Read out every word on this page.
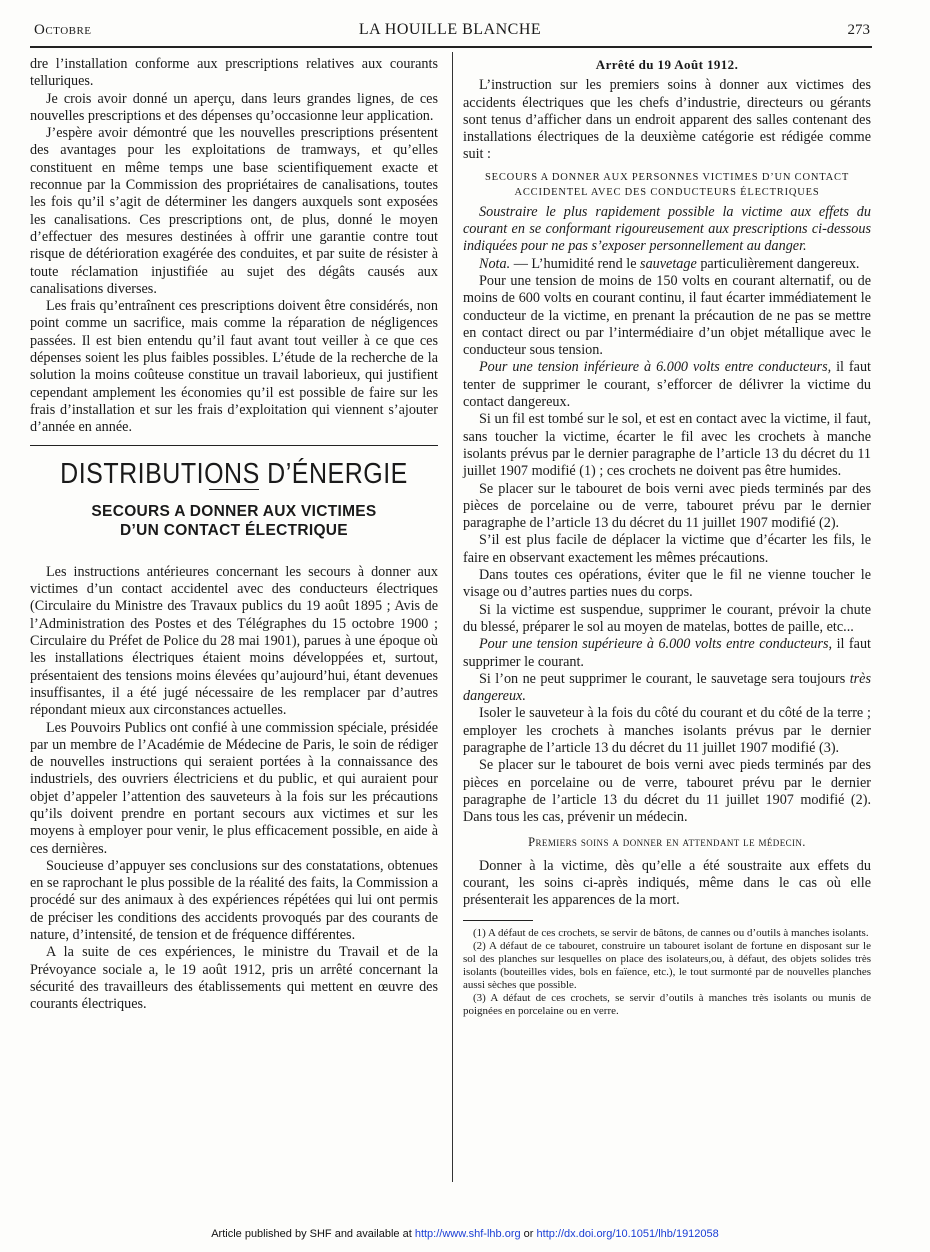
Octobre	LA HOUILLE BLANCHE	273

dre l’installation conforme aux prescriptions relatives aux courants telluriques.

Je crois avoir donné un aperçu, dans leurs grandes lignes, de ces nouvelles prescriptions et des dépenses qu’occasionne leur application.

J’espère avoir démontré que les nouvelles prescriptions présentent des avantages pour les exploitations de tramways, et qu’elles constituent en même temps une base scientifiquement exacte et reconnue par la Commission des propriétaires de canalisations, toutes les fois qu’il s’agit de déterminer les dangers auxquels sont exposées les canalisations. Ces prescriptions ont, de plus, donné le moyen d’effectuer des mesures destinées à offrir une garantie contre tout risque de détérioration exagérée des conduites, et par suite de résister à toute réclamation injustifiée au sujet des dégâts causés aux canalisations diverses.

Les frais qu’entraînent ces prescriptions doivent être considérés, non point comme un sacrifice, mais comme la réparation de négligences passées. Il est bien entendu qu’il faut avant tout veiller à ce que ces dépenses soient les plus faibles possibles. L’étude de la recherche de la solution la moins coûteuse constitue un travail laborieux, qui justifient cependant amplement les économies qu’il est possible de faire sur les frais d’installation et sur les frais d’exploitation qui viennent s’ajouter d’année en année.

DISTRIBUTIONS D’ÉNERGIE
SECOURS A DONNER AUX VICTIMES
D’UN CONTACT ÉLECTRIQUE

Les instructions antérieures concernant les secours à donner aux victimes d’un contact accidentel avec des conducteurs électriques (Circulaire du Ministre des Travaux publics du 19 août 1895 ; Avis de l’Administration des Postes et des Télégraphes du 15 octobre 1900 ; Circulaire du Préfet de Police du 28 mai 1901), parues à une époque où les installations électriques étaient moins développées et, surtout, présentaient des tensions moins élevées qu’aujourd’hui, étant devenues insuffisantes, il a été jugé nécessaire de les remplacer par d’autres répondant mieux aux circonstances actuelles.

Les Pouvoirs Publics ont confié à une commission spéciale, présidée par un membre de l’Académie de Médecine de Paris, le soin de rédiger de nouvelles instructions qui seraient portées à la connaissance des industriels, des ouvriers électriciens et du public, et qui auraient pour objet d’appeler l’attention des sauveteurs à la fois sur les précautions qu’ils doivent prendre en portant secours aux victimes et sur les moyens à employer pour venir, le plus efficacement possible, en aide à ces dernières.

Soucieuse d’appuyer ses conclusions sur des constatations, obtenues en se raprochant le plus possible de la réalité des faits, la Commission a procédé sur des animaux à des expériences répétées qui lui ont permis de préciser les conditions des accidents provoqués par des courants de nature, d’intensité, de tension et de fréquence différentes.

A la suite de ces expériences, le ministre du Travail et de la Prévoyance sociale a, le 19 août 1912, pris un arrêté concernant la sécurité des travailleurs des établissements qui mettent en œuvre des courants électriques.

Arrêté du 19 Août 1912.

L’instruction sur les premiers soins à donner aux victimes des accidents électriques que les chefs d’industrie, directeurs ou gérants sont tenus d’afficher dans un endroit apparent des salles contenant des installations électriques de la deuxième catégorie est rédigée comme suit :

SECOURS A DONNER AUX PERSONNES VICTIMES D’UN CONTACT
ACCIDENTEL AVEC DES CONDUCTEURS ÉLECTRIQUES

Soustraire le plus rapidement possible la victime aux effets du courant en se conformant rigoureusement aux prescriptions ci-dessous indiquées pour ne pas s’exposer personnellement au danger.

Nota. — L’humidité rend le sauvetage particulièrement dangereux.

Pour une tension de moins de 150 volts en courant alternatif, ou de moins de 600 volts en courant continu, il faut écarter immédiatement le conducteur de la victime, en prenant la précaution de ne pas se mettre en contact direct ou par l’intermédiaire d’un objet métallique avec le conducteur sous tension.

Pour une tension inférieure à 6.000 volts entre conducteurs, il faut tenter de supprimer le courant, s’efforcer de délivrer la victime du contact dangereux.

Si un fil est tombé sur le sol, et est en contact avec la victime, il faut, sans toucher la victime, écarter le fil avec les crochets à manche isolants prévus par le dernier paragraphe de l’article 13 du décret du 11 juillet 1907 modifié (1) ; ces crochets ne doivent pas être humides.

Se placer sur le tabouret de bois verni avec pieds terminés par des pièces de porcelaine ou de verre, tabouret prévu par le dernier paragraphe de l’article 13 du décret du 11 juillet 1907 modifié (2).

S’il est plus facile de déplacer la victime que d’écarter les fils, le faire en observant exactement les mêmes précautions.

Dans toutes ces opérations, éviter que le fil ne vienne toucher le visage ou d’autres parties nues du corps.

Si la victime est suspendue, supprimer le courant, prévoir la chute du blessé, préparer le sol au moyen de matelas, bottes de paille, etc...

Pour une tension supérieure à 6.000 volts entre conducteurs, il faut supprimer le courant.

Si l’on ne peut supprimer le courant, le sauvetage sera toujours très dangereux.

Isoler le sauveteur à la fois du côté du courant et du côté de la terre ; employer les crochets à manches isolants prévus par le dernier paragraphe de l’article 13 du décret du 11 juillet 1907 modifié (3).

Se placer sur le tabouret de bois verni avec pieds terminés par des pièces en porcelaine ou de verre, tabouret prévu par le dernier paragraphe de l’article 13 du décret du 11 juillet 1907 modifié (2). Dans tous les cas, prévenir un médecin.

Premiers soins a donner en attendant le médecin.

Donner à la victime, dès qu’elle a été soustraite aux effets du courant, les soins ci-après indiqués, même dans le cas où elle présenterait les apparences de la mort.

(1) A défaut de ces crochets, se servir de bâtons, de cannes ou d’outils à manches isolants.

(2) A défaut de ce tabouret, construire un tabouret isolant de fortune en disposant sur le sol des planches sur lesquelles on place des isolateurs,ou, à défaut, des objets solides très isolants (bouteilles vides, bols en faïence, etc.), le tout surmonté par de nouvelles planches aussi sèches que possible.

(3) A défaut de ces crochets, se servir d’outils à manches très isolants ou munis de poignées en porcelaine ou en verre.

Article published by SHF and available at http://www.shf-lhb.org or http://dx.doi.org/10.1051/lhb/1912058
